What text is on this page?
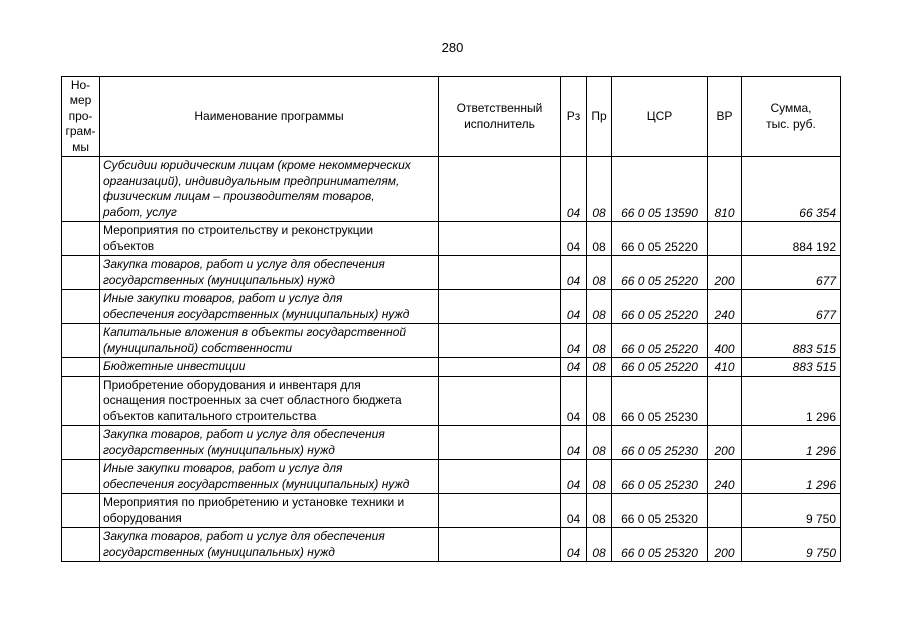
280
Но-
мер
про-
грам-
мы	Наименование программы	Ответственный
исполнитель	Рз	Пр	ЦСР	ВР	Сумма,
тыс. руб.
	Субсидии юридическим лицам (кроме некоммерческих
организаций), индивидуальным предпринимателям,
физическим лицам – производителям товаров,
работ, услуг		04	08	66 0 05 13590	810	66 354
	Мероприятия по строительству и реконструкции
объектов		04	08	66 0 05 25220		884 192
	Закупка товаров, работ и услуг для обеспечения
государственных (муниципальных) нужд		04	08	66 0 05 25220	200	677
	Иные закупки товаров, работ и услуг для
обеспечения государственных (муниципальных) нужд		04	08	66 0 05 25220	240	677
	Капитальные вложения в объекты государственной
(муниципальной) собственности		04	08	66 0 05 25220	400	883 515
	Бюджетные инвестиции		04	08	66 0 05 25220	410	883 515
	Приобретение оборудования и инвентаря для
оснащения построенных за счет областного бюджета
объектов капитального строительства		04	08	66 0 05 25230		1 296
	Закупка товаров, работ и услуг для обеспечения
государственных (муниципальных) нужд		04	08	66 0 05 25230	200	1 296
	Иные закупки товаров, работ и услуг для
обеспечения государственных (муниципальных) нужд		04	08	66 0 05 25230	240	1 296
	Мероприятия по приобретению и установке техники и
оборудования		04	08	66 0 05 25320		9 750
	Закупка товаров, работ и услуг для обеспечения
государственных (муниципальных) нужд		04	08	66 0 05 25320	200	9 750
